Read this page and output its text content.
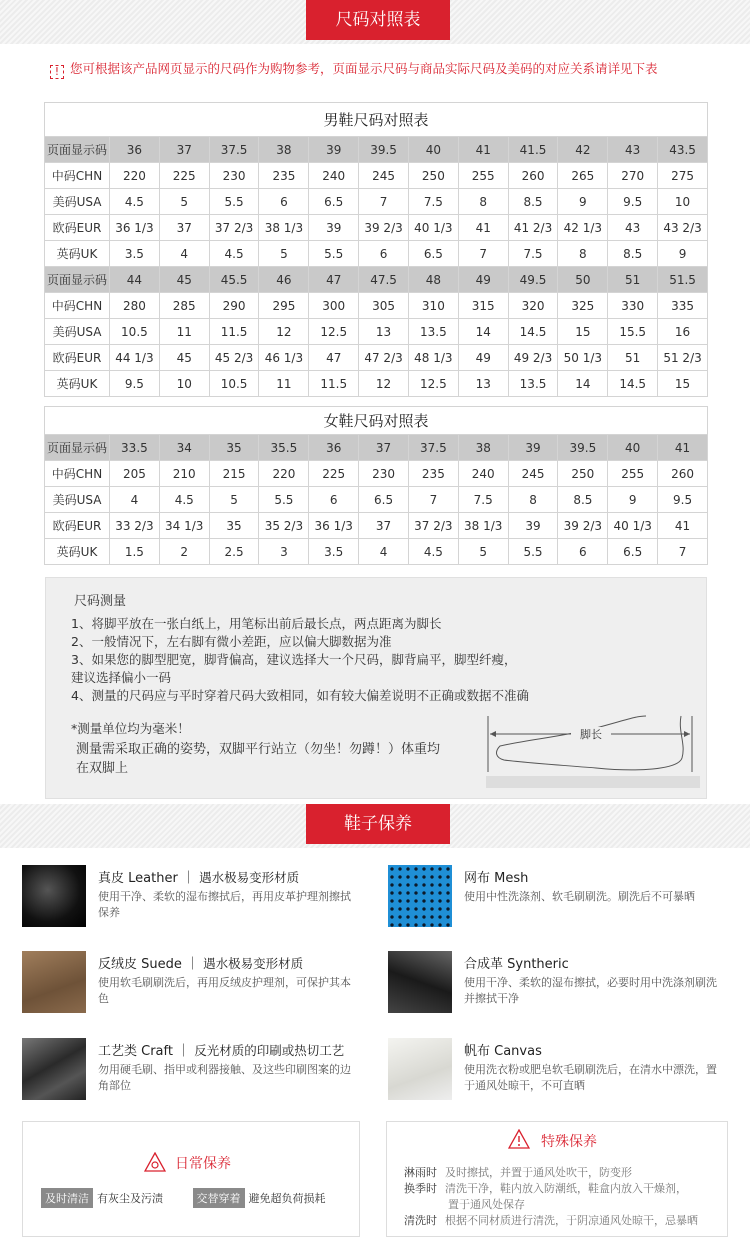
尺码对照表
! 您可根据该产品网页显示的尺码作为购物参考，页面显示尺码与商品实际尺码及美码的对应关系请详见下表
男鞋尺码对照表												
页面显示码	36	37	37.5	38	39	39.5	40	41	41.5	42	43	43.5
中码CHN	220	225	230	235	240	245	250	255	260	265	270	275
美码USA	4.5	5	5.5	6	6.5	7	7.5	8	8.5	9	9.5	10
欧码EUR	36 1/3	37	37 2/3	38 1/3	39	39 2/3	40 1/3	41	41 2/3	42 1/3	43	43 2/3
英码UK	3.5	4	4.5	5	5.5	6	6.5	7	7.5	8	8.5	9
页面显示码	44	45	45.5	46	47	47.5	48	49	49.5	50	51	51.5
中码CHN	280	285	290	295	300	305	310	315	320	325	330	335
美码USA	10.5	11	11.5	12	12.5	13	13.5	14	14.5	15	15.5	16
欧码EUR	44 1/3	45	45 2/3	46 1/3	47	47 2/3	48 1/3	49	49 2/3	50 1/3	51	51 2/3
英码UK	9.5	10	10.5	11	11.5	12	12.5	13	13.5	14	14.5	15
女鞋尺码对照表												
页面显示码	33.5	34	35	35.5	36	37	37.5	38	39	39.5	40	41
中码CHN	205	210	215	220	225	230	235	240	245	250	255	260
美码USA	4	4.5	5	5.5	6	6.5	7	7.5	8	8.5	9	9.5
欧码EUR	33 2/3	34 1/3	35	35 2/3	36 1/3	37	37 2/3	38 1/3	39	39 2/3	40 1/3	41
英码UK	1.5	2	2.5	3	3.5	4	4.5	5	5.5	6	6.5	7
尺码测量
1、将脚平放在一张白纸上，用笔标出前后最长点，两点距离为脚长
2、一般情况下，左右脚有微小差距，应以偏大脚数据为准
3、如果您的脚型肥宽，脚背偏高，建议选择大一个尺码，脚背扁平，脚型纤瘦，
建议选择偏小一码
4、测量的尺码应与平时穿着尺码大致相同，如有较大偏差说明不正确或数据不准确
*测量单位均为毫米！
测量需采取正确的姿势，双脚平行站立（勿坐！勿蹲！）体重均
在双脚上
脚长
鞋子保养
真皮 Leather ｜ 遇水极易变形材质
使用干净、柔软的湿布擦拭后，再用皮革护理剂擦拭保养
网布 Mesh
使用中性洗涤剂、软毛刷刷洗。刷洗后不可暴晒
反绒皮 Suede ｜ 遇水极易变形材质
使用软毛刷刷洗后，再用反绒皮护理剂，可保护其本色
合成革 Syntheric
使用干净、柔软的湿布擦拭，必要时用中洗涤剂刷洗并擦拭干净
工艺类 Craft ｜ 反光材质的印刷或热切工艺
勿用硬毛刷、指甲或利器接触、及这些印刷图案的边角部位
帆布 Canvas
使用洗衣粉或肥皂软毛刷刷洗后，在清水中漂洗，置于通风处晾干，不可直晒
日常保养
及时清洁 有灰尘及污渍	交替穿着 避免超负荷损耗
特殊保养
淋雨时 及时擦拭，并置于通风处吹干，防变形
换季时 清洗干净，鞋内放入防潮纸，鞋盒内放入干燥剂，
置于通风处保存
清洗时 根据不同材质进行清洗，于阴凉通风处晾干，忌暴晒
